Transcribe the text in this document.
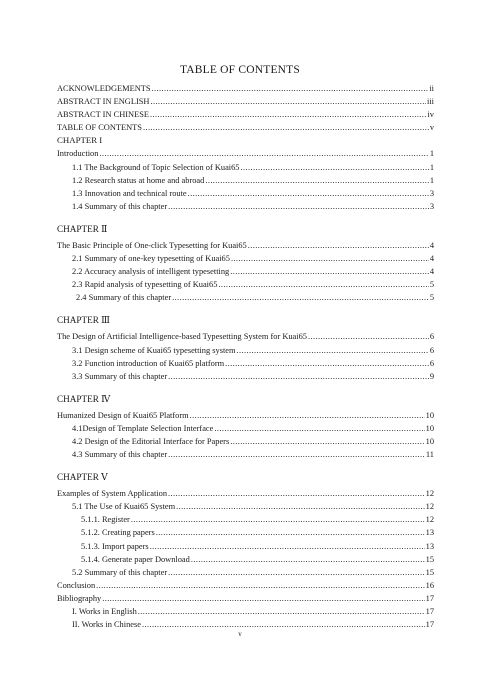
TABLE OF CONTENTS
ACKNOWLEDGEMENTS .....	ii
ABSTRACT IN ENGLISH .....	iii
ABSTRACT IN CHINESE .....	iv
TABLE OF CONTENTS .....	v
CHAPTER I
Introduction .....	1
1.1 The Background of Topic Selection of Kuai65 .....	1
1.2 Research status at home and abroad .....	1
1.3 Innovation and technical route .....	3
1.4 Summary of this chapter .....	3
CHAPTER Ⅱ
The Basic Principle of One-click Typesetting for Kuai65 .....	4
2.1 Summary of one-key typesetting of Kuai65 .....	4
2.2 Accuracy analysis of intelligent typesetting .....	4
2.3 Rapid analysis of typesetting of Kuai65 .....	5
2.4 Summary of this chapter .....	5
CHAPTER Ⅲ
The Design of Artificial Intelligence-based Typesetting System for Kuai65 .....	6
3.1 Design scheme of Kuai65 typesetting system .....	6
3.2 Function introduction of Kuai65 platform .....	6
3.3 Summary of this chapter .....	9
CHAPTER Ⅳ
Humanized Design of Kuai65 Platform .....	10
4.1Design of Template Selection Interface .....	10
4.2 Design of the Editorial Interface for Papers .....	10
4.3 Summary of this chapter .....	11
CHAPTER Ⅴ
Examples of System Application .....	12
5.1 The Use of Kuai65 System .....	12
5.1.1. Register .....	12
5.1.2. Creating papers .....	13
5.1.3. Import papers .....	13
5.1.4. Generate paper Download .....	15
5.2 Summary of this chapter .....	15
Conclusion .....	16
Bibliography .....	17
I. Works in English .....	17
II. Works in Chinese .....	17
v
